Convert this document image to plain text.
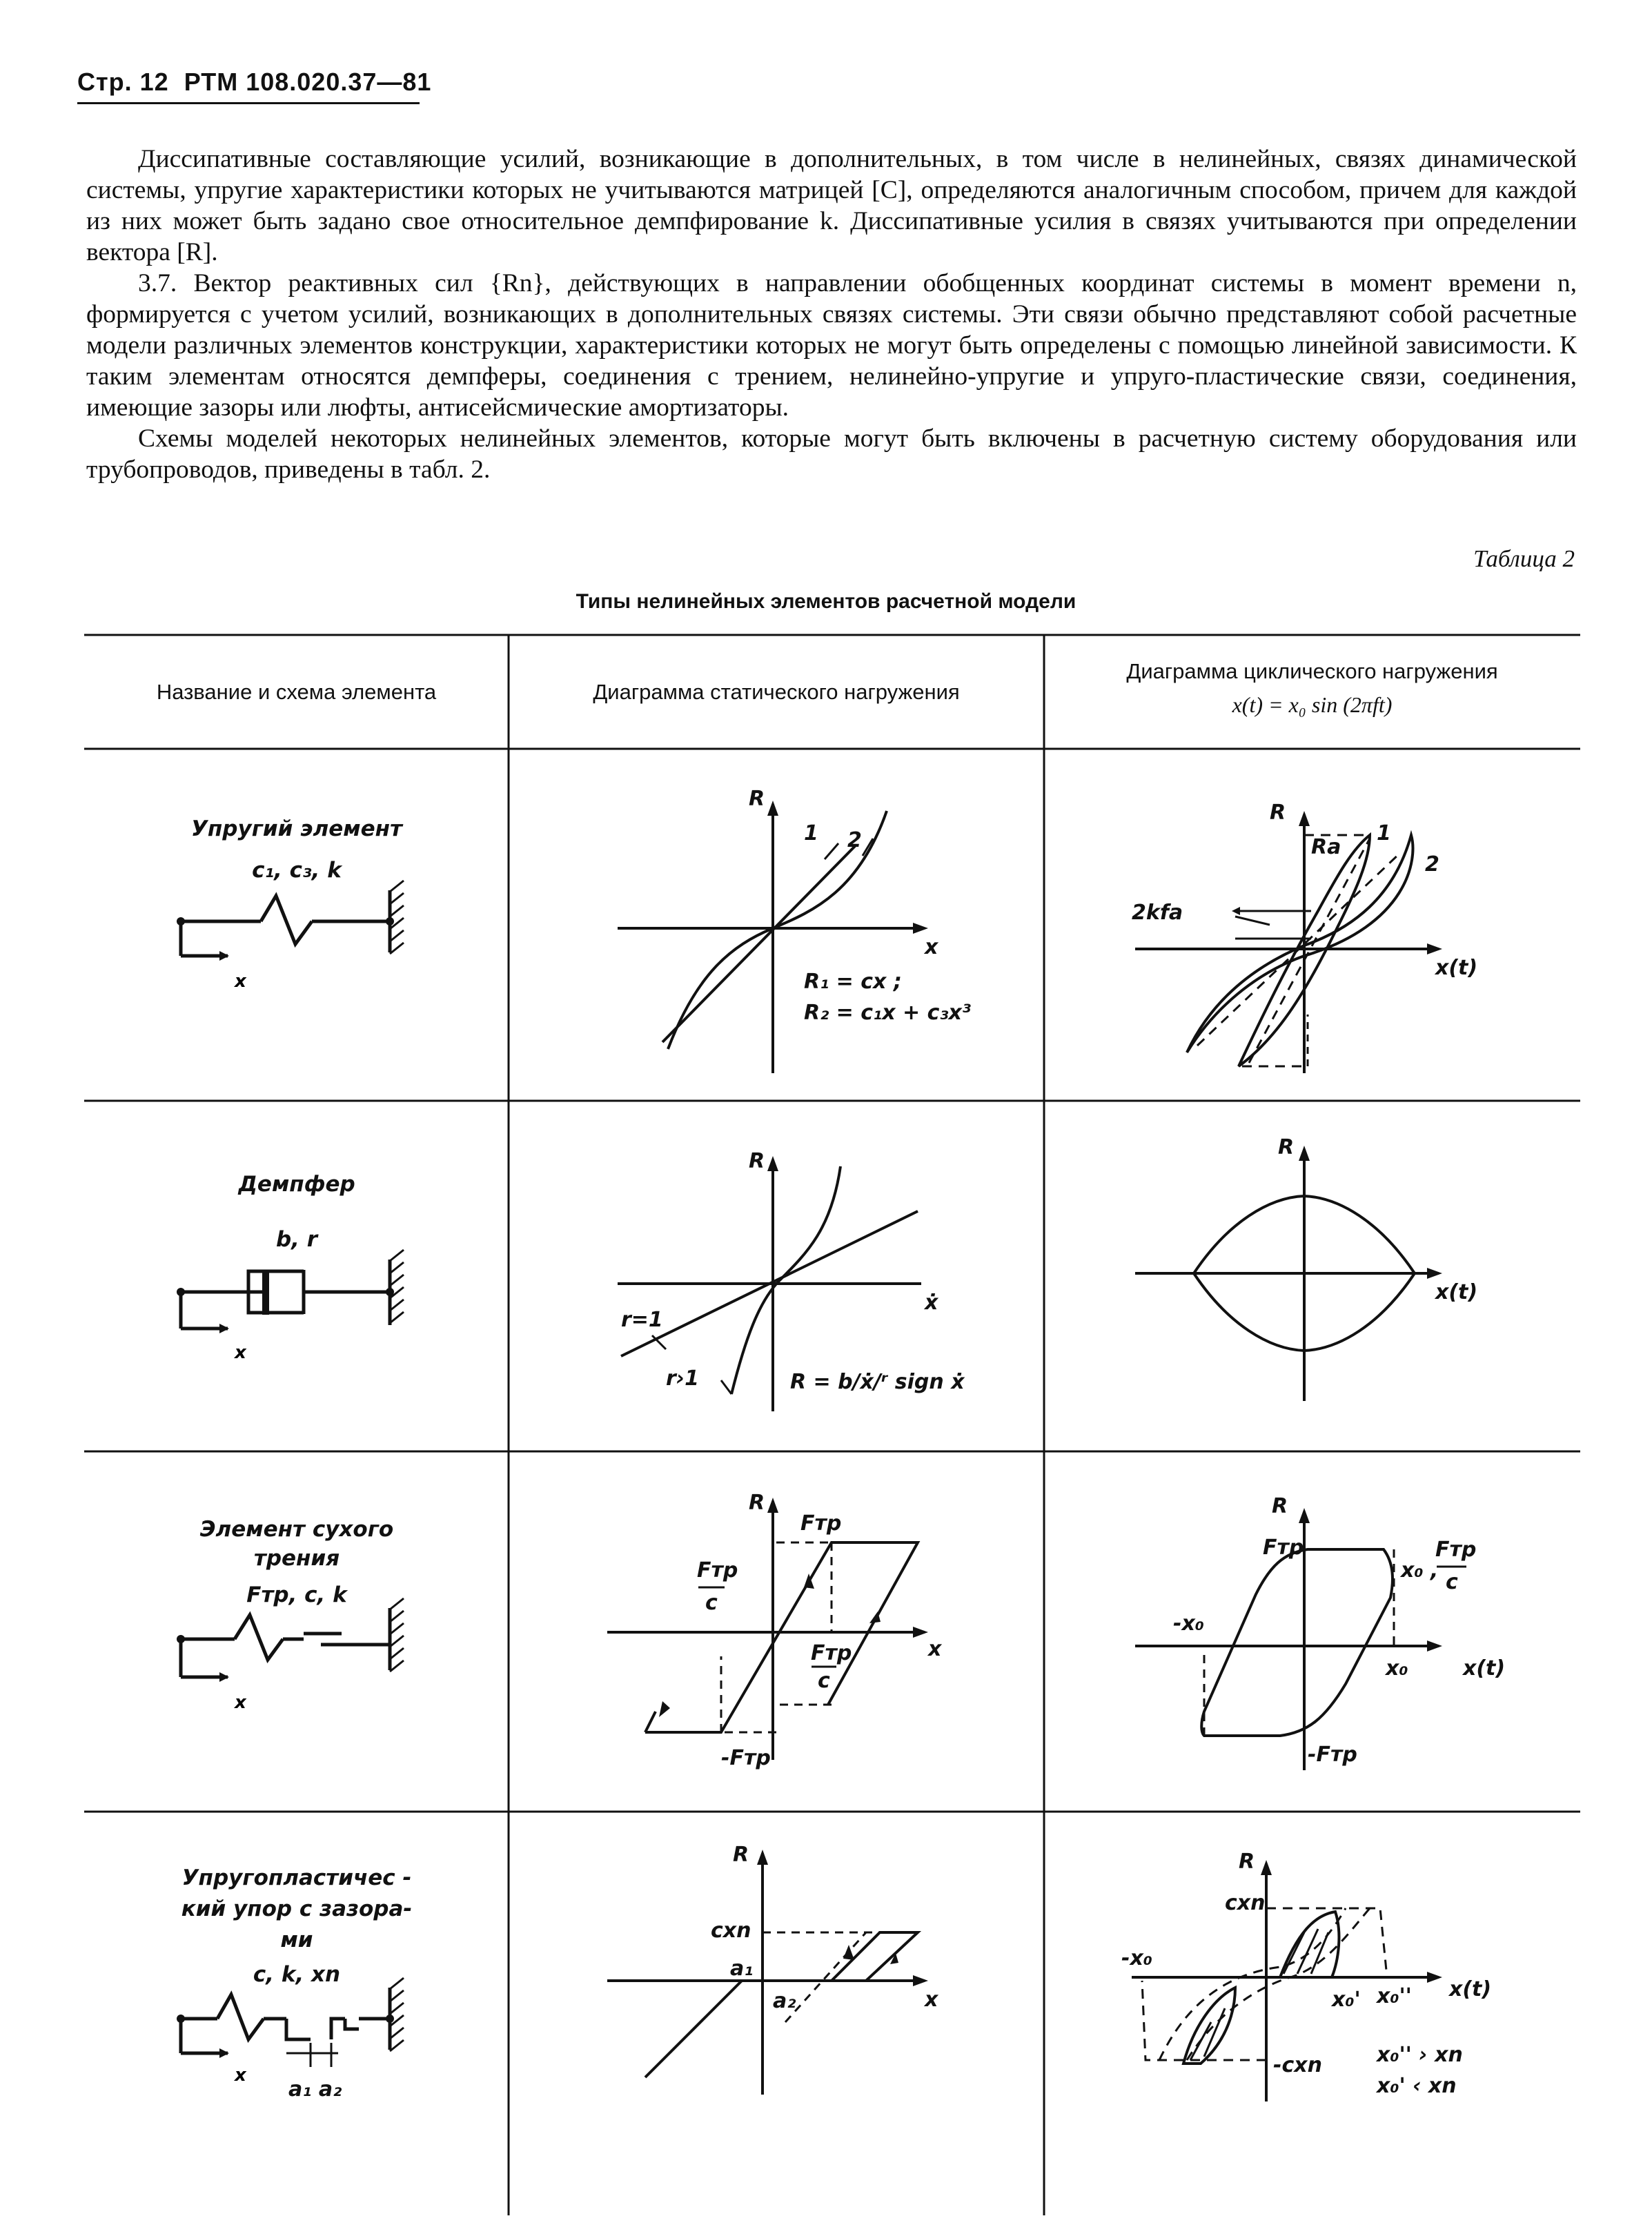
Стр. 12 РТМ 108.020.37—81

Диссипативные составляющие усилий, возникающие в дополнительных, в том числе в нелинейных, связях динамической системы, упругие характеристики которых не учитываются матрицей [C], определяются аналогичным способом, причем для каждой из них может быть задано свое относительное демпфирование k. Диссипативные усилия в связях учитываются при определении вектора [R].

3.7. Вектор реактивных сил {Rn}, действующих в направлении обобщенных координат системы в момент времени n, формируется с учетом усилий, возникающих в дополнительных связях системы. Эти связи обычно представляют собой расчетные модели различных элементов конструкции, характеристики которых не могут быть определены с помощью линейной зависимости. К таким элементам относятся демпферы, соединения с трением, нелинейно-упругие и упруго-пластические связи, соединения, имеющие зазоры или люфты, антисейсмические амортизаторы.

Схемы моделей некоторых нелинейных элементов, которые могут быть включены в расчетную систему оборудования или трубопроводов, приведены в табл. 2.

Таблица 2
Типы нелинейных элементов расчетной модели
Название и схема элемента	Диаграмма статического нагружения
Диаграмма циклического нагружения
x(t) = x₀ sin (2πft)
Упругий элемент
c₁, c₃, k
x
R
x
1 2
R₁ = cx ;
R₂ = c₁x + c₃x³
R
x(t)
Ra
1
2
2kfa
Демпфер
b, r
x
R
ẋ
r=1
r›1	R = b/ẋ/ʳ sign ẋ
R
x(t)
Элемент сухого
трения
Fтр, c, k
x
R
x
Fтр
Fтр
c
Fтр
c
-Fтр
R
x(t)
Fтр
-Fтр
-x₀
x₀
x₀ ,
Fтр
c
Упругопластичес -
кий упор с зазора-
ми
c, k, xn
x
a₁ a₂
R
x
cxn
a₁
a₂
R
x(t)
cxn
-cxn
-x₀
x₀' x₀''
x₀'' › xn
x₀' ‹ xn
